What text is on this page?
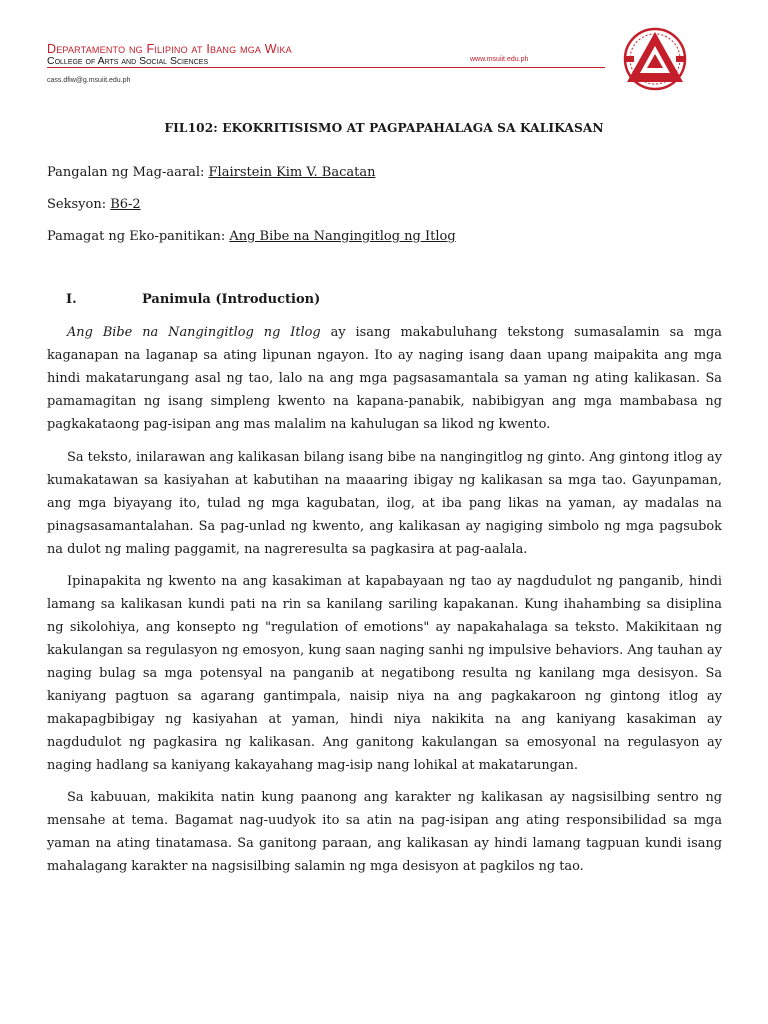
Departamento ng Filipino at Ibang mga Wika
College of Arts and Social Sciences	www.msuiit.edu.ph
cass.dfiw@g.msuiit.edu.ph
FIL102: EKOKRITISISMO AT PAGPAPAHALAGA SA KALIKASAN
Pangalan ng Mag-aaral: Flairstein Kim V. Bacatan
Seksyon: B6-2
Pamagat ng Eko-panitikan: Ang Bibe na Nangingitlog ng Itlog
I.	Panimula (Introduction)

Ang Bibe na Nangingitlog ng Itlog ay isang makabuluhang tekstong sumasalamin sa mga kaganapan na laganap sa ating lipunan ngayon. Ito ay naging isang daan upang maipakita ang mga hindi makatarungang asal ng tao, lalo na ang mga pagsasamantala sa yaman ng ating kalikasan. Sa pamamagitan ng isang simpleng kwento na kapana-panabik, nabibigyan ang mga mambabasa ng pagkakataong pag-isipan ang mas malalim na kahulugan sa likod ng kwento.

Sa teksto, inilarawan ang kalikasan bilang isang bibe na nangingitlog ng ginto. Ang gintong itlog ay kumakatawan sa kasiyahan at kabutihan na maaaring ibigay ng kalikasan sa mga tao. Gayunpaman, ang mga biyayang ito, tulad ng mga kagubatan, ilog, at iba pang likas na yaman, ay madalas na pinagsasamantalahan. Sa pag-unlad ng kwento, ang kalikasan ay nagiging simbolo ng mga pagsubok na dulot ng maling paggamit, na nagreresulta sa pagkasira at pag-aalala.

Ipinapakita ng kwento na ang kasakiman at kapabayaan ng tao ay nagdudulot ng panganib, hindi lamang sa kalikasan kundi pati na rin sa kanilang sariling kapakanan. Kung ihahambing sa disiplina ng sikolohiya, ang konsepto ng "regulation of emotions" ay napakahalaga sa teksto. Makikitaan ng kakulangan sa regulasyon ng emosyon, kung saan naging sanhi ng impulsive behaviors. Ang tauhan ay naging bulag sa mga potensyal na panganib at negatibong resulta ng kanilang mga desisyon. Sa kaniyang pagtuon sa agarang gantimpala, naisip niya na ang pagkakaroon ng gintong itlog ay makapagbibigay ng kasiyahan at yaman, hindi niya nakikita na ang kaniyang kasakiman ay nagdudulot ng pagkasira ng kalikasan. Ang ganitong kakulangan sa emosyonal na regulasyon ay naging hadlang sa kaniyang kakayahang mag-isip nang lohikal at makatarungan.

Sa kabuuan, makikita natin kung paanong ang karakter ng kalikasan ay nagsisilbing sentro ng mensahe at tema. Bagamat nag-uudyok ito sa atin na pag-isipan ang ating responsibilidad sa mga yaman na ating tinatamasa. Sa ganitong paraan, ang kalikasan ay hindi lamang tagpuan kundi isang mahalagang karakter na nagsisilbing salamin ng mga desisyon at pagkilos ng tao.
